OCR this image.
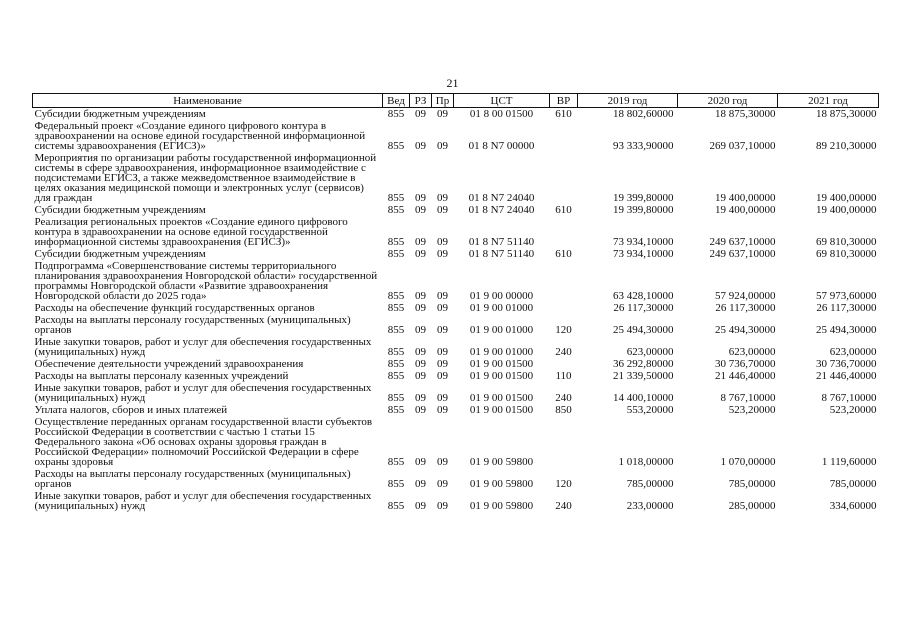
21
Наименование	Вед	РЗ	Пр	ЦСТ	ВР	2019 год	2020 год	2021 год
Субсидии бюджетным учреждениям	855	09	09	01 8 00 01500	610	18 802,60000	18 875,30000	18 875,30000
Федеральный проект «Создание единого цифрового контура в здравоохранении на основе единой государственной информационной системы здравоохранения (ЕГИСЗ)»	855	09	09	01 8 N7 00000		93 333,90000	269 037,10000	89 210,30000
Мероприятия по организации работы государственной информационной системы в сфере здравоохранения, информационное взаимодействие с подсистемами ЕГИСЗ, а также межведомственное взаимодействие в целях оказания медицинской помощи и электронных услуг (сервисов) для граждан	855	09	09	01 8 N7 24040		19 399,80000	19 400,00000	19 400,00000
Субсидии бюджетным учреждениям	855	09	09	01 8 N7 24040	610	19 399,80000	19 400,00000	19 400,00000
Реализация региональных проектов «Создание единого цифрового контура в здравоохранении на основе единой государственной информационной системы здравоохранения (ЕГИСЗ)»	855	09	09	01 8 N7 51140		73 934,10000	249 637,10000	69 810,30000
Субсидии бюджетным учреждениям	855	09	09	01 8 N7 51140	610	73 934,10000	249 637,10000	69 810,30000
Подпрограмма «Совершенствование системы территориального планирования здравоохранения Новгородской области» государственной программы Новгородской области «Развитие здравоохранения Новгородской области до 2025 года»	855	09	09	01 9 00 00000		63 428,10000	57 924,00000	57 973,60000
Расходы на обеспечение функций государственных органов	855	09	09	01 9 00 01000		26 117,30000	26 117,30000	26 117,30000
Расходы на выплаты персоналу государственных (муниципальных) органов	855	09	09	01 9 00 01000	120	25 494,30000	25 494,30000	25 494,30000
Иные закупки товаров, работ и услуг для обеспечения государственных (муниципальных) нужд	855	09	09	01 9 00 01000	240	623,00000	623,00000	623,00000
Обеспечение деятельности учреждений здравоохранения	855	09	09	01 9 00 01500		36 292,80000	30 736,70000	30 736,70000
Расходы на выплаты персоналу казенных учреждений	855	09	09	01 9 00 01500	110	21 339,50000	21 446,40000	21 446,40000
Иные закупки товаров, работ и услуг для обеспечения государственных (муниципальных) нужд	855	09	09	01 9 00 01500	240	14 400,10000	8 767,10000	8 767,10000
Уплата налогов, сборов и иных платежей	855	09	09	01 9 00 01500	850	553,20000	523,20000	523,20000
Осуществление переданных органам государственной власти субъектов Российской Федерации в соответствии с частью 1 статьи 15 Федерального закона «Об основах охраны здоровья граждан в Российской Федерации» полномочий Российской Федерации в сфере охраны здоровья	855	09	09	01 9 00 59800		1 018,00000	1 070,00000	1 119,60000
Расходы на выплаты персоналу государственных (муниципальных) органов	855	09	09	01 9 00 59800	120	785,00000	785,00000	785,00000
Иные закупки товаров, работ и услуг для обеспечения государственных (муниципальных) нужд	855	09	09	01 9 00 59800	240	233,00000	285,00000	334,60000
